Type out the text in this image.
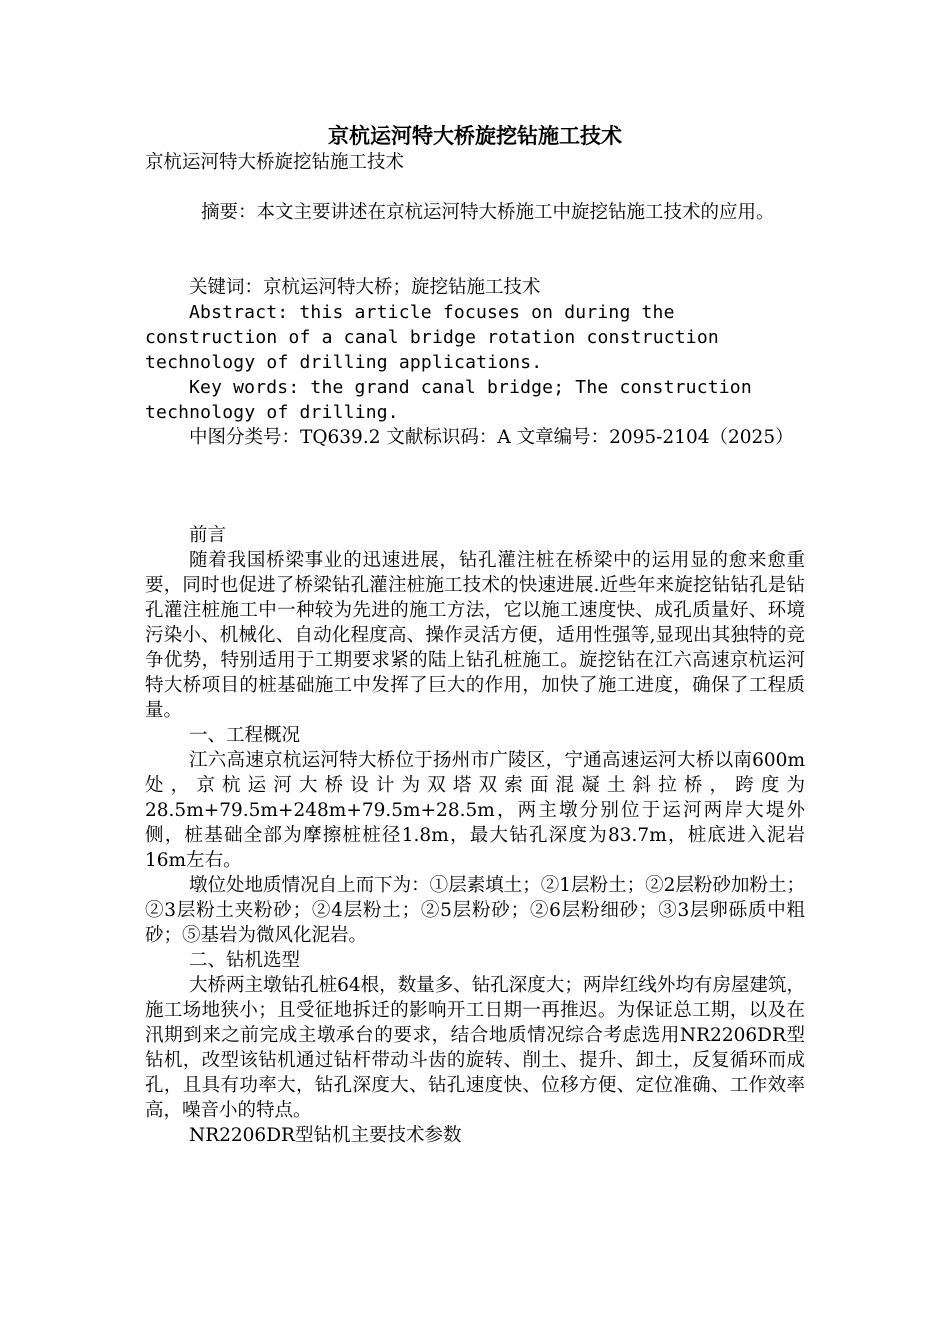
京杭运河特大桥旋挖钻施工技术

京杭运河特大桥旋挖钻施工技术

摘要：本文主要讲述在京杭运河特大桥施工中旋挖钻施工技术的应用。

关键词：京杭运河特大桥；旋挖钻施工技术

Abstract: this article focuses on during the construction of a canal bridge rotation construction technology of drilling applications.

Key words: the grand canal bridge; The construction technology of drilling.

中图分类号：TQ639.2 文献标识码：A 文章编号：2095-2104（2025）

前言

随着我国桥梁事业的迅速进展，钻孔灌注桩在桥梁中的运用显的愈来愈重要，同时也促进了桥梁钻孔灌注桩施工技术的快速进展.近些年来旋挖钻钻孔是钻孔灌注桩施工中一种较为先进的施工方法，它以施工速度快、成孔质量好、环境污染小、机械化、自动化程度高、操作灵活方便，适用性强等,显现出其独特的竞争优势，特别适用于工期要求紧的陆上钻孔桩施工。旋挖钻在江六高速京杭运河特大桥项目的桩基础施工中发挥了巨大的作用，加快了施工进度，确保了工程质量。

一、工程概况

江六高速京杭运河特大桥位于扬州市广陵区，宁通高速运河大桥以南600m处，京杭运河大桥设计为双塔双索面混凝土斜拉桥，跨度为28.5m+79.5m+248m+79.5m+28.5m，两主墩分别位于运河两岸大堤外侧，桩基础全部为摩擦桩桩径1.8m，最大钻孔深度为83.7m，桩底进入泥岩16m左右。

墩位处地质情况自上而下为：①层素填土；②1层粉土；②2层粉砂加粉土；②3层粉土夹粉砂；②4层粉土；②5层粉砂；②6层粉细砂；③3层卵砾质中粗砂；⑤基岩为微风化泥岩。

二、钻机选型

大桥两主墩钻孔桩64根，数量多、钻孔深度大；两岸红线外均有房屋建筑，施工场地狭小；且受征地拆迁的影响开工日期一再推迟。为保证总工期，以及在汛期到来之前完成主墩承台的要求，结合地质情况综合考虑选用NR2206DR型钻机，改型该钻机通过钻杆带动斗齿的旋转、削土、提升、卸土，反复循环而成孔，且具有功率大，钻孔深度大、钻孔速度快、位移方便、定位准确、工作效率高，噪音小的特点。

NR2206DR型钻机主要技术参数
